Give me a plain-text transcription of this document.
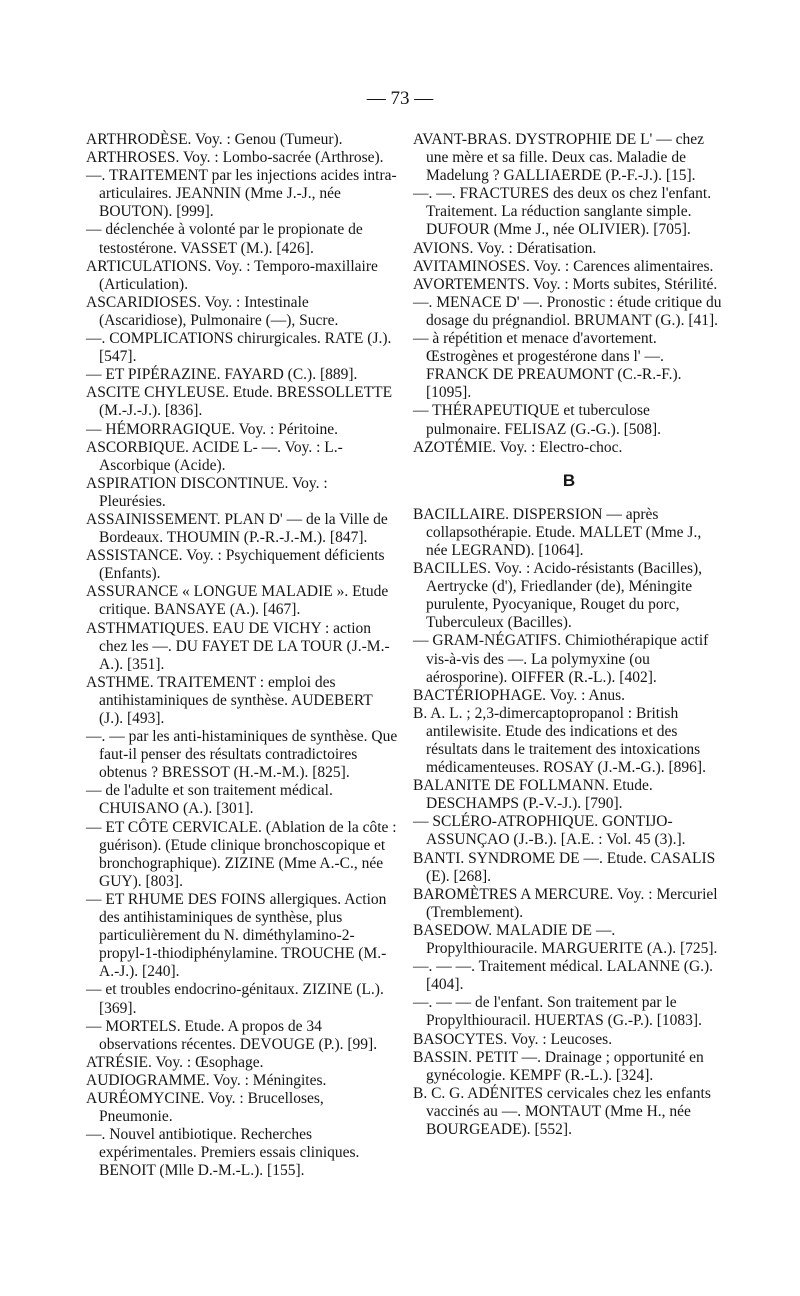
— 73 —

ARTHRODÈSE. Voy. : Genou (Tumeur).

ARTHROSES. Voy. : Lombo-sacrée (Arthrose).

—. TRAITEMENT par les injections acides intra-articulaires. JEANNIN (Mme J.-J., née BOUTON). [999].

— déclenchée à volonté par le propionate de testostérone. VASSET (M.). [426].

ARTICULATIONS. Voy. : Temporo-maxillaire (Articulation).

ASCARIDIOSES. Voy. : Intestinale (Ascaridiose), Pulmonaire (—), Sucre.

—. COMPLICATIONS chirurgicales. RATE (J.). [547].

— ET PIPÉRAZINE. FAYARD (C.). [889].

ASCITE CHYLEUSE. Etude. BRESSOLLETTE (M.-J.-J.). [836].

— HÉMORRAGIQUE. Voy. : Péritoine.

ASCORBIQUE. ACIDE L- —. Voy. : L.-Ascorbique (Acide).

ASPIRATION DISCONTINUE. Voy. : Pleurésies.

ASSAINISSEMENT. PLAN D' — de la Ville de Bordeaux. THOUMIN (P.-R.-J.-M.). [847].

ASSISTANCE. Voy. : Psychiquement déficients (Enfants).

ASSURANCE « LONGUE MALADIE ». Etude critique. BANSAYE (A.). [467].

ASTHMATIQUES. EAU DE VICHY : action chez les —. DU FAYET DE LA TOUR (J.-M.-A.). [351].

ASTHME. TRAITEMENT : emploi des antihistaminiques de synthèse. AUDEBERT (J.). [493].

—. — par les anti-histaminiques de synthèse. Que faut-il penser des résultats contradictoires obtenus ? BRESSOT (H.-M.-M.). [825].

— de l'adulte et son traitement médical. CHUISANO (A.). [301].

— ET CÔTE CERVICALE. (Ablation de la côte : guérison). (Etude clinique bronchoscopique et bronchographique). ZIZINE (Mme A.-C., née GUY). [803].

— ET RHUME DES FOINS allergiques. Action des antihistaminiques de synthèse, plus particulièrement du N. diméthylamino-2-propyl-1-thiodiphénylamine. TROUCHE (M.-A.-J.). [240].

— et troubles endocrino-génitaux. ZIZINE (L.). [369].

— MORTELS. Etude. A propos de 34 observations récentes. DEVOUGE (P.). [99].

ATRÉSIE. Voy. : Œsophage.

AUDIOGRAMME. Voy. : Méningites.

AURÉOMYCINE. Voy. : Brucelloses, Pneumonie.

—. Nouvel antibiotique. Recherches expérimentales. Premiers essais cliniques. BENOIT (Mlle D.-M.-L.). [155].

AVANT-BRAS. DYSTROPHIE DE L' — chez une mère et sa fille. Deux cas. Maladie de Madelung ? GALLIAERDE (P.-F.-J.). [15].

—. —. FRACTURES des deux os chez l'enfant. Traitement. La réduction sanglante simple. DUFOUR (Mme J., née OLIVIER). [705].

AVIONS. Voy. : Dératisation.

AVITAMINOSES. Voy. : Carences alimentaires.

AVORTEMENTS. Voy. : Morts subites, Stérilité.

—. MENACE D' —. Pronostic : étude critique du dosage du prégnandiol. BRUMANT (G.). [41].

— à répétition et menace d'avortement. Œstrogènes et progestérone dans l' —. FRANCK DE PREAUMONT (C.-R.-F.). [1095].

— THÉRAPEUTIQUE et tuberculose pulmonaire. FELISAZ (G.-G.). [508].

AZOTÉMIE. Voy. : Electro-choc.

B

BACILLAIRE. DISPERSION — après collapsothérapie. Etude. MALLET (Mme J., née LEGRAND). [1064].

BACILLES. Voy. : Acido-résistants (Bacilles), Aertrycke (d'), Friedlander (de), Méningite purulente, Pyocyanique, Rouget du porc, Tuberculeux (Bacilles).

— GRAM-NÉGATIFS. Chimiothérapique actif vis-à-vis des —. La polymyxine (ou aérosporine). OIFFER (R.-L.). [402].

BACTÉRIOPHAGE. Voy. : Anus.

B. A. L. ; 2,3-dimercaptopropanol : British antilewisite. Etude des indications et des résultats dans le traitement des intoxications médicamenteuses. ROSAY (J.-M.-G.). [896].

BALANITE DE FOLLMANN. Etude. DESCHAMPS (P.-V.-J.). [790].

— SCLÉRO-ATROPHIQUE. GONTIJO-ASSUNÇAO (J.-B.). [A.E. : Vol. 45 (3).].

BANTI. SYNDROME DE —. Etude. CASALIS (E). [268].

BAROMÈTRES A MERCURE. Voy. : Mercuriel (Tremblement).

BASEDOW. MALADIE DE —. Propylthiouracile. MARGUERITE (A.). [725].

—. — —. Traitement médical. LALANNE (G.). [404].

—. — — de l'enfant. Son traitement par le Propylthiouracil. HUERTAS (G.-P.). [1083].

BASOCYTES. Voy. : Leucoses.

BASSIN. PETIT —. Drainage ; opportunité en gynécologie. KEMPF (R.-L.). [324].

B. C. G. ADÉNITES cervicales chez les enfants vaccinés au —. MONTAUT (Mme H., née BOURGEADE). [552].
